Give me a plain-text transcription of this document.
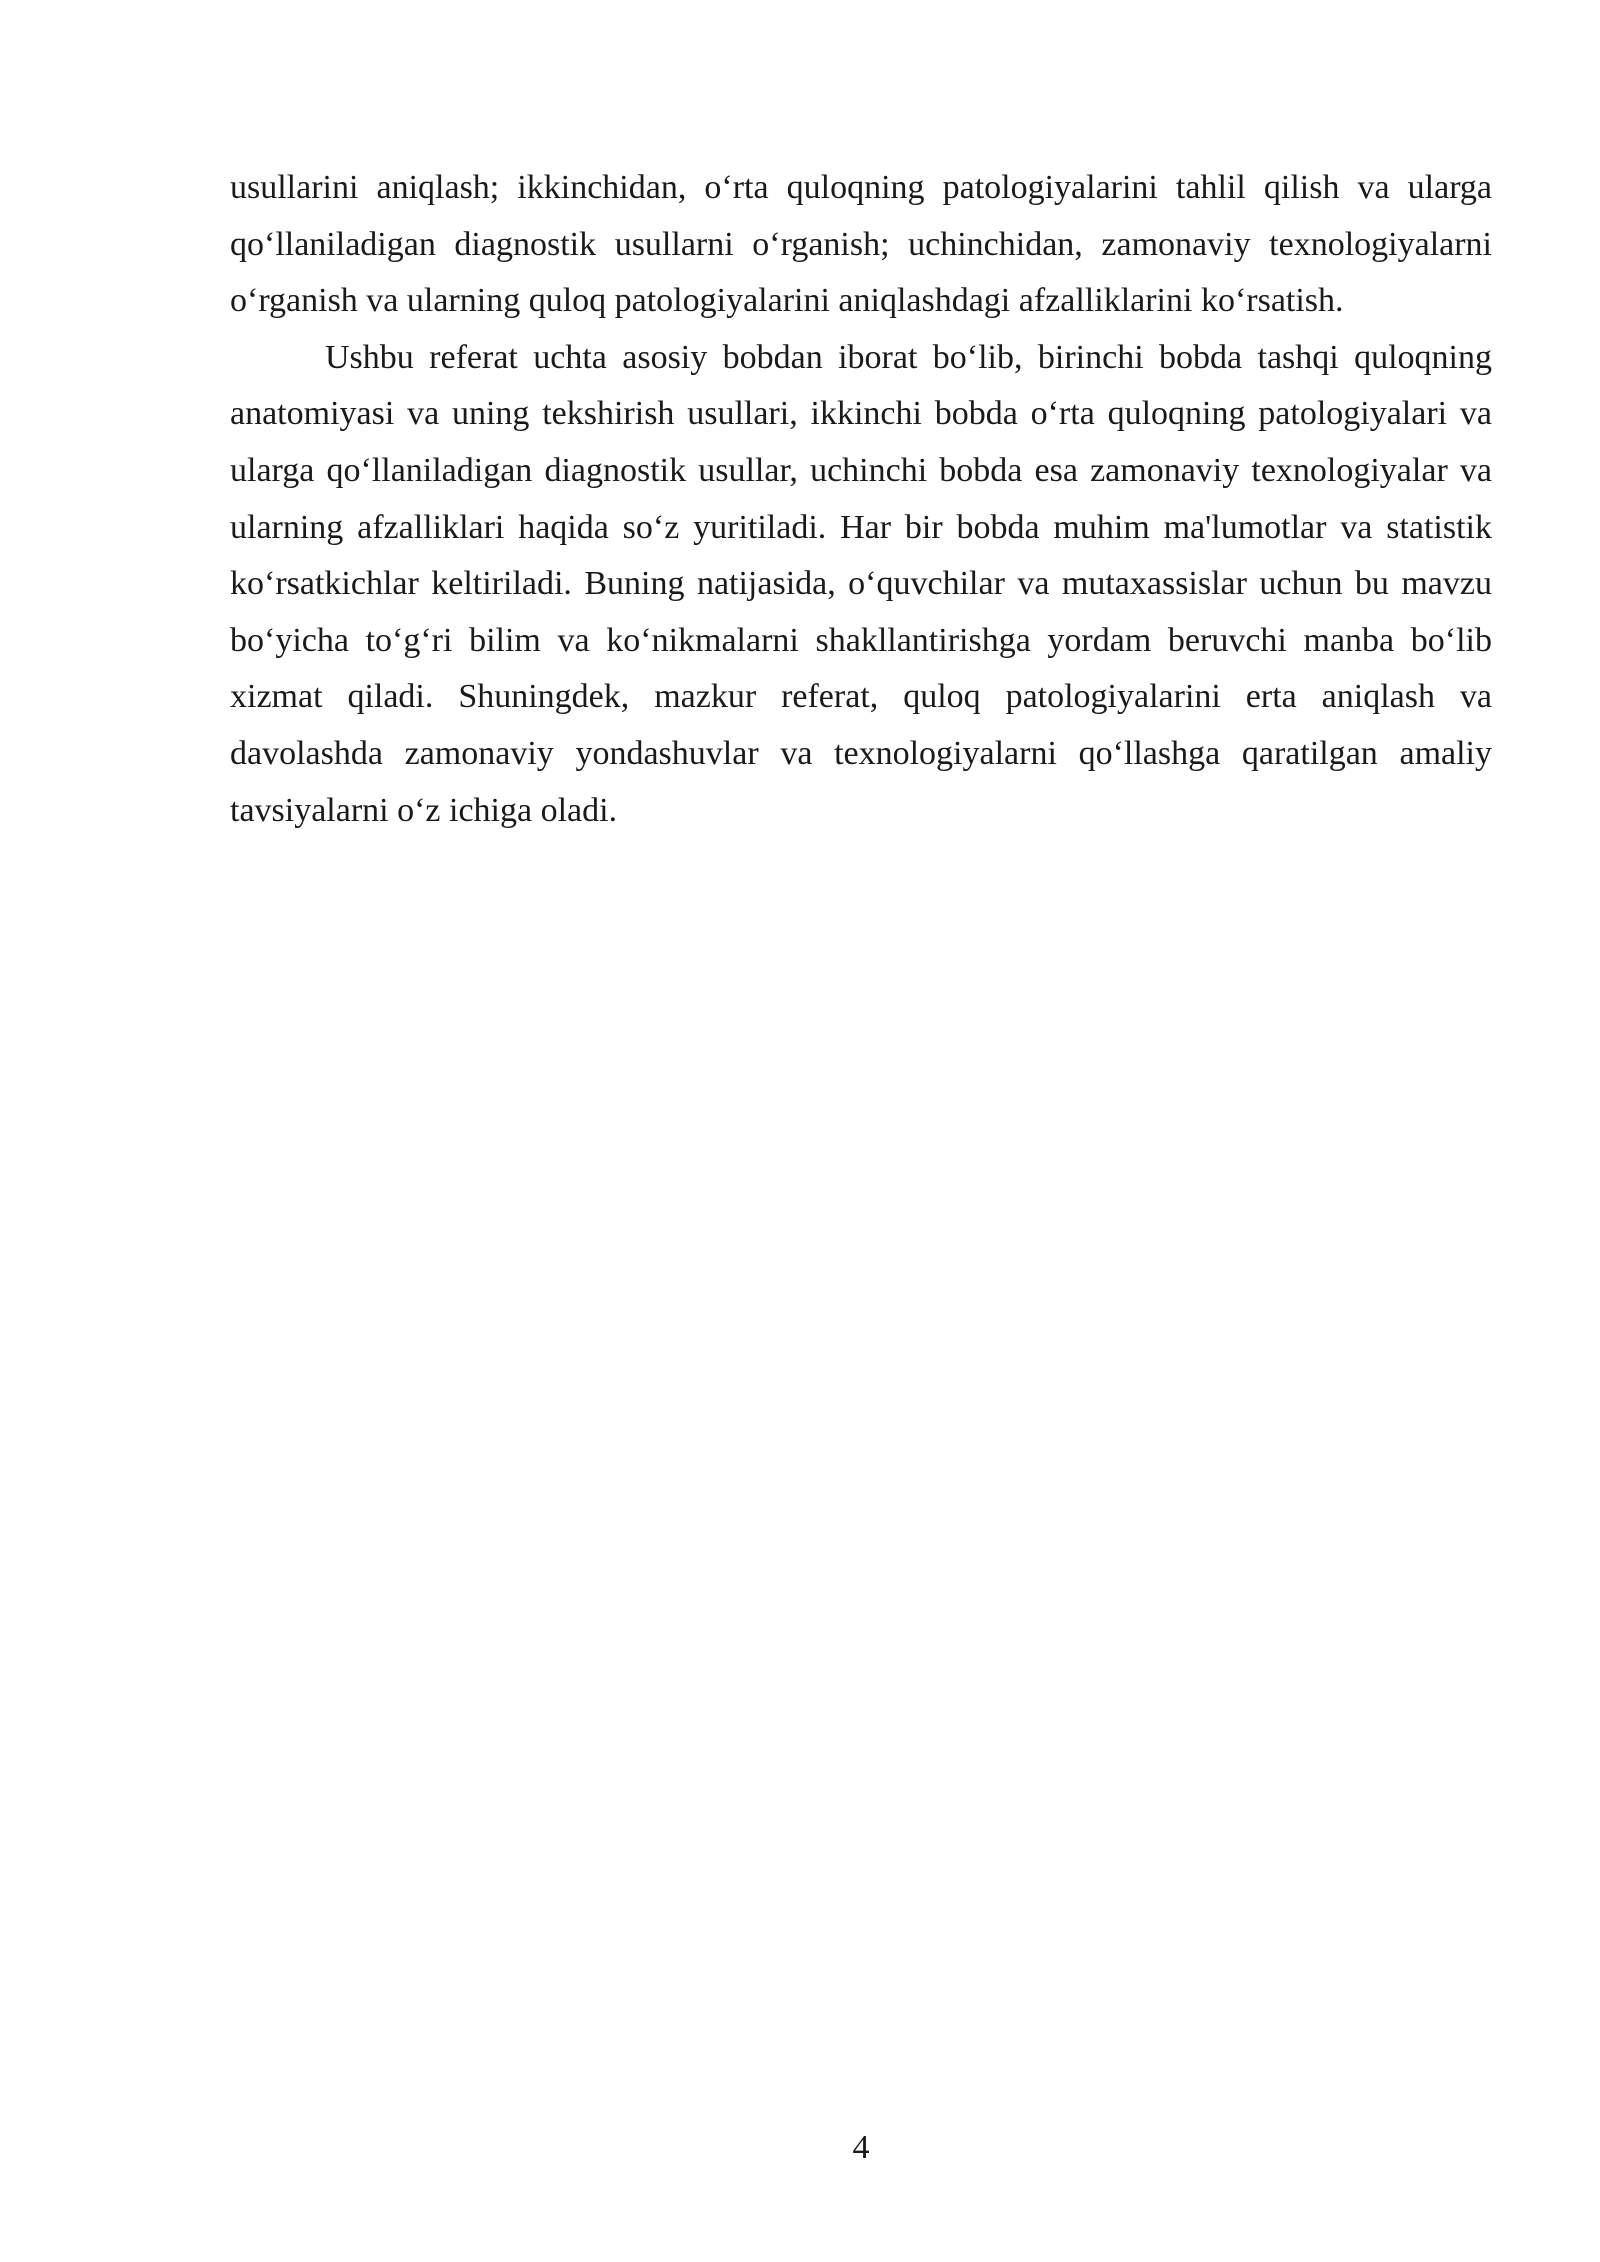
usullarini aniqlash; ikkinchidan, o‘rta quloqning patologiyalarini tahlil qilish va ularga qo‘llaniladigan diagnostik usullarni o‘rganish; uchinchidan, zamonaviy texnologiyalarni o‘rganish va ularning quloq patologiyalarini aniqlashdagi afzalliklarini ko‘rsatish.

Ushbu referat uchta asosiy bobdan iborat bo‘lib, birinchi bobda tashqi quloqning anatomiyasi va uning tekshirish usullari, ikkinchi bobda o‘rta quloqning patologiyalari va ularga qo‘llaniladigan diagnostik usullar, uchinchi bobda esa zamonaviy texnologiyalar va ularning afzalliklari haqida so‘z yuritiladi. Har bir bobda muhim ma'lumotlar va statistik ko‘rsatkichlar keltiriladi. Buning natijasida, o‘quvchilar va mutaxassislar uchun bu mavzu bo‘yicha to‘g‘ri bilim va ko‘nikmalarni shakllantirishga yordam beruvchi manba bo‘lib xizmat qiladi. Shuningdek, mazkur referat, quloq patologiyalarini erta aniqlash va davolashda zamonaviy yondashuvlar va texnologiyalarni qo‘llashga qaratilgan amaliy tavsiyalarni o‘z ichiga oladi.

4
